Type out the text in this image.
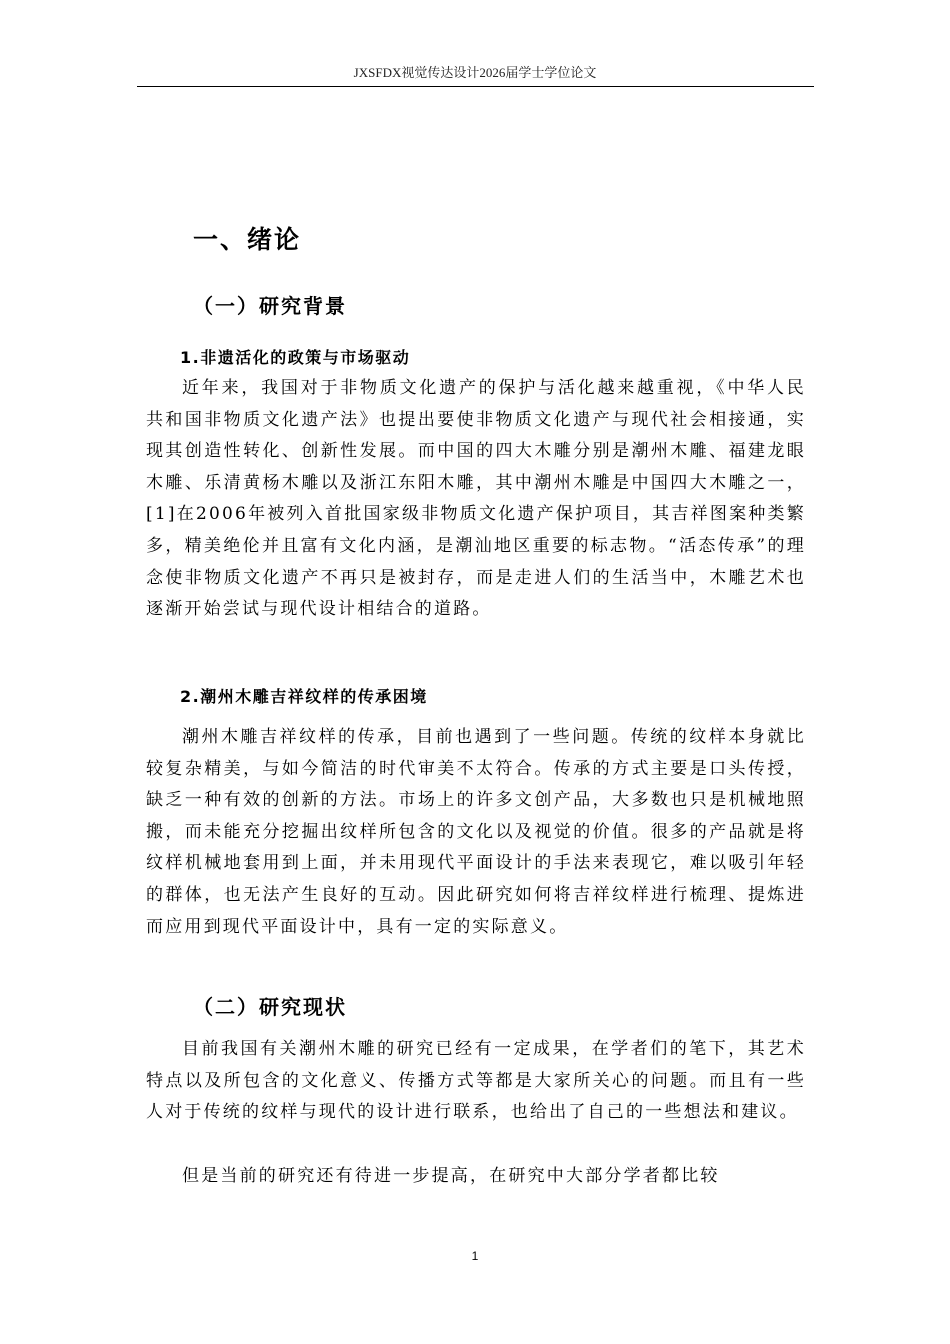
JXSFDX视觉传达设计2026届学士学位论文
一、绪论
（一）研究背景
1.非遗活化的政策与市场驱动

近年来，我国对于非物质文化遗产的保护与活化越来越重视，《中华人民共和国非物质文化遗产法》也提出要使非物质文化遗产与现代社会相接通，实现其创造性转化、创新性发展。而中国的四大木雕分别是潮州木雕、福建龙眼木雕、乐清黄杨木雕以及浙江东阳木雕，其中潮州木雕是中国四大木雕之一，[1]在2006年被列入首批国家级非物质文化遗产保护项目，其吉祥图案种类繁多，精美绝伦并且富有文化内涵，是潮汕地区重要的标志物。“活态传承”的理念使非物质文化遗产不再只是被封存，而是走进人们的生活当中，木雕艺术也逐渐开始尝试与现代设计相结合的道路。

2.潮州木雕吉祥纹样的传承困境

潮州木雕吉祥纹样的传承，目前也遇到了一些问题。传统的纹样本身就比较复杂精美，与如今简洁的时代审美不太符合。传承的方式主要是口头传授，缺乏一种有效的创新的方法。市场上的许多文创产品，大多数也只是机械地照搬，而未能充分挖掘出纹样所包含的文化以及视觉的价值。很多的产品就是将纹样机械地套用到上面，并未用现代平面设计的手法来表现它，难以吸引年轻的群体，也无法产生良好的互动。因此研究如何将吉祥纹样进行梳理、提炼进而应用到现代平面设计中，具有一定的实际意义。

（二）研究现状

目前我国有关潮州木雕的研究已经有一定成果，在学者们的笔下，其艺术特点以及所包含的文化意义、传播方式等都是大家所关心的问题。而且有一些人对于传统的纹样与现代的设计进行联系，也给出了自己的一些想法和建议。

但是当前的研究还有待进一步提高，在研究中大部分学者都比较

1
